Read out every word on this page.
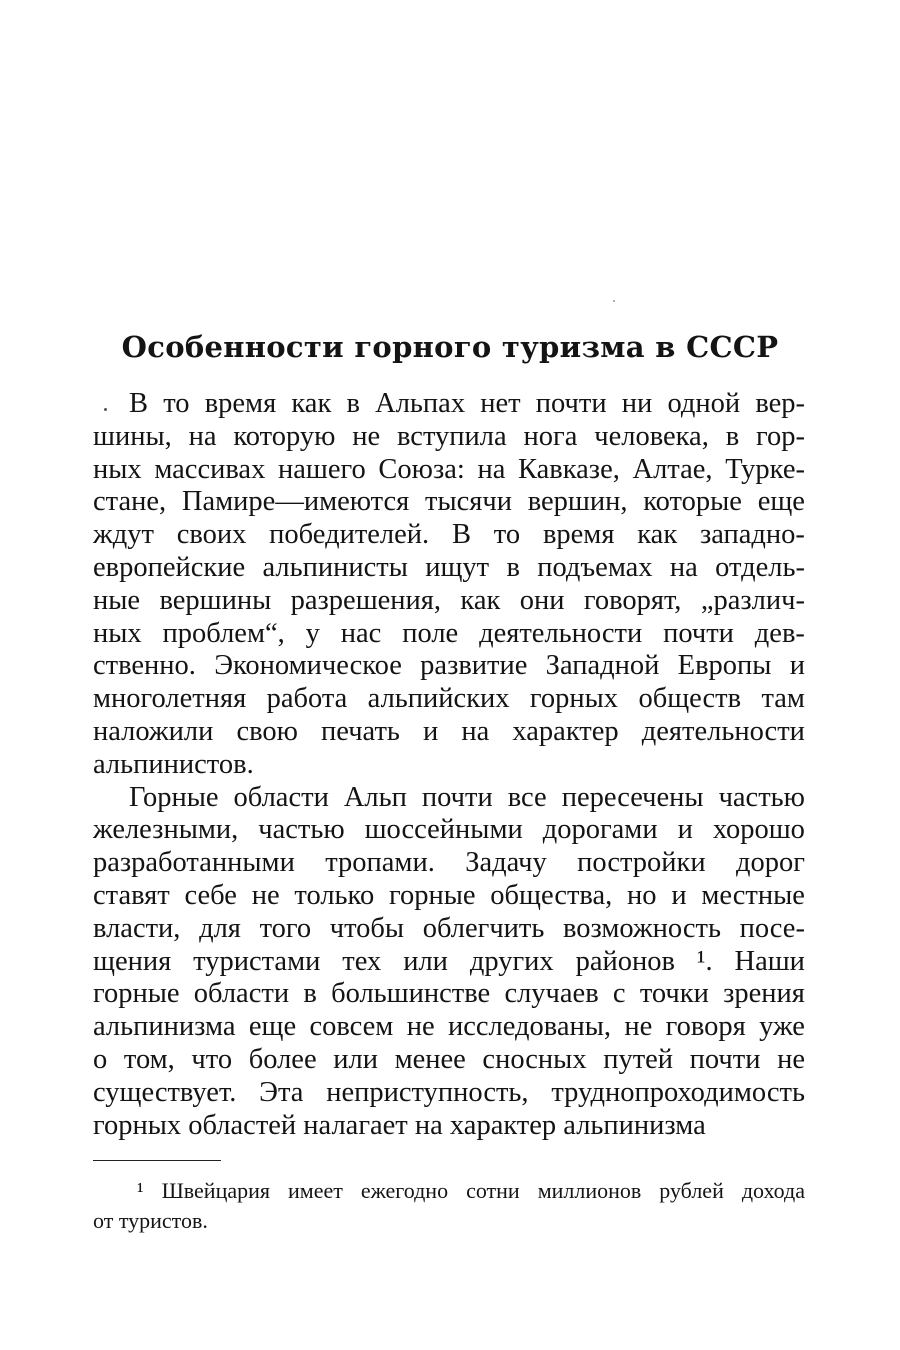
Особенности горного туризма в СССР
В то время как в Альпах нет почти ни одной вер-
шины, на которую не вступила нога человека, в гор-
ных массивах нашего Союза: на Кавказе, Алтае, Турке-
стане, Памире—имеются тысячи вершин, которые еще
ждут своих победителей. В то время как западно-
европейские альпинисты ищут в подъемах на отдель-
ные вершины разрешения, как они говорят, „различ-
ных проблем“, у нас поле деятельности почти дев-
ственно. Экономическое развитие Западной Европы и
многолетняя работа альпийских горных обществ там
наложили свою печать и на характер деятельности
альпинистов.
Горные области Альп почти все пересечены частью
железными, частью шоссейными дорогами и хорошо
разработанными тропами. Задачу постройки дорог
ставят себе не только горные общества, но и местные
власти, для того чтобы облегчить возможность посе-
щения туристами тех или других районов ¹. Наши
горные области в большинстве случаев с точки зрения
альпинизма еще совсем не исследованы, не говоря уже
о том, что более или менее сносных путей почти не
существует. Эта неприступность, труднопроходимость
горных областей налагает на характер альпинизма
¹ Швейцария имеет ежегодно сотни миллионов рублей дохода
от туристов.
